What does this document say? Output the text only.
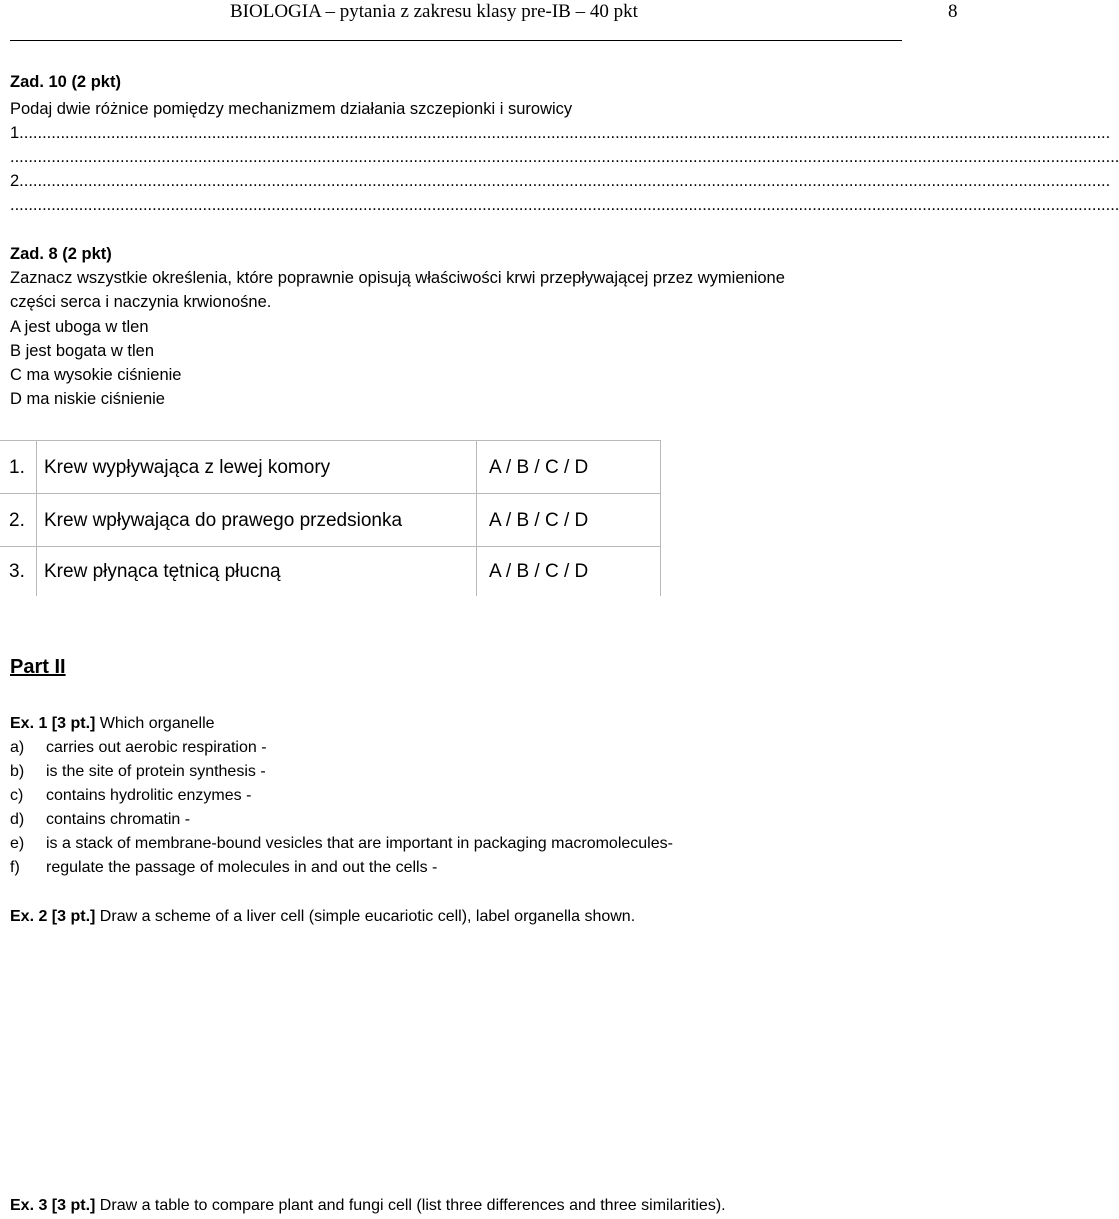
BIOLOGIA – pytania z zakresu klasy pre-IB – 40 pkt	8
Zad. 10 (2 pkt)
Podaj dwie różnice pomiędzy mechanizmem działania szczepionki i surowicy
1..............................................................................................................................................................................................................................................
..................................................................................................................................................................................................................................................
2..............................................................................................................................................................................................................................................
..................................................................................................................................................................................................................................................
Zad. 8 (2 pkt)
Zaznacz wszystkie określenia, które poprawnie opisują właściwości krwi przepływającej przez wymienione
części serca i naczynia krwionośne.
A jest uboga w tlen
B jest bogata w tlen
C ma wysokie ciśnienie
D ma niskie ciśnienie
1. Krew wypływająca z lewej komory	A / B / C / D
2. Krew wpływająca do prawego przedsionka	A / B / C / D
3. Krew płynąca tętnicą płucną	A / B / C / D
Part II
Ex. 1 [3 pt.] Which organelle
a) carries out aerobic respiration -
b) is the site of protein synthesis -
c) contains hydrolitic enzymes -
d) contains chromatin -
e) is a stack of membrane-bound vesicles that are important in packaging macromolecules-
f) regulate the passage of molecules in and out the cells -
Ex. 2 [3 pt.] Draw a scheme of a liver cell (simple eucariotic cell), label organella shown.
Ex. 3 [3 pt.] Draw a table to compare plant and fungi cell (list three differences and three similarities).
